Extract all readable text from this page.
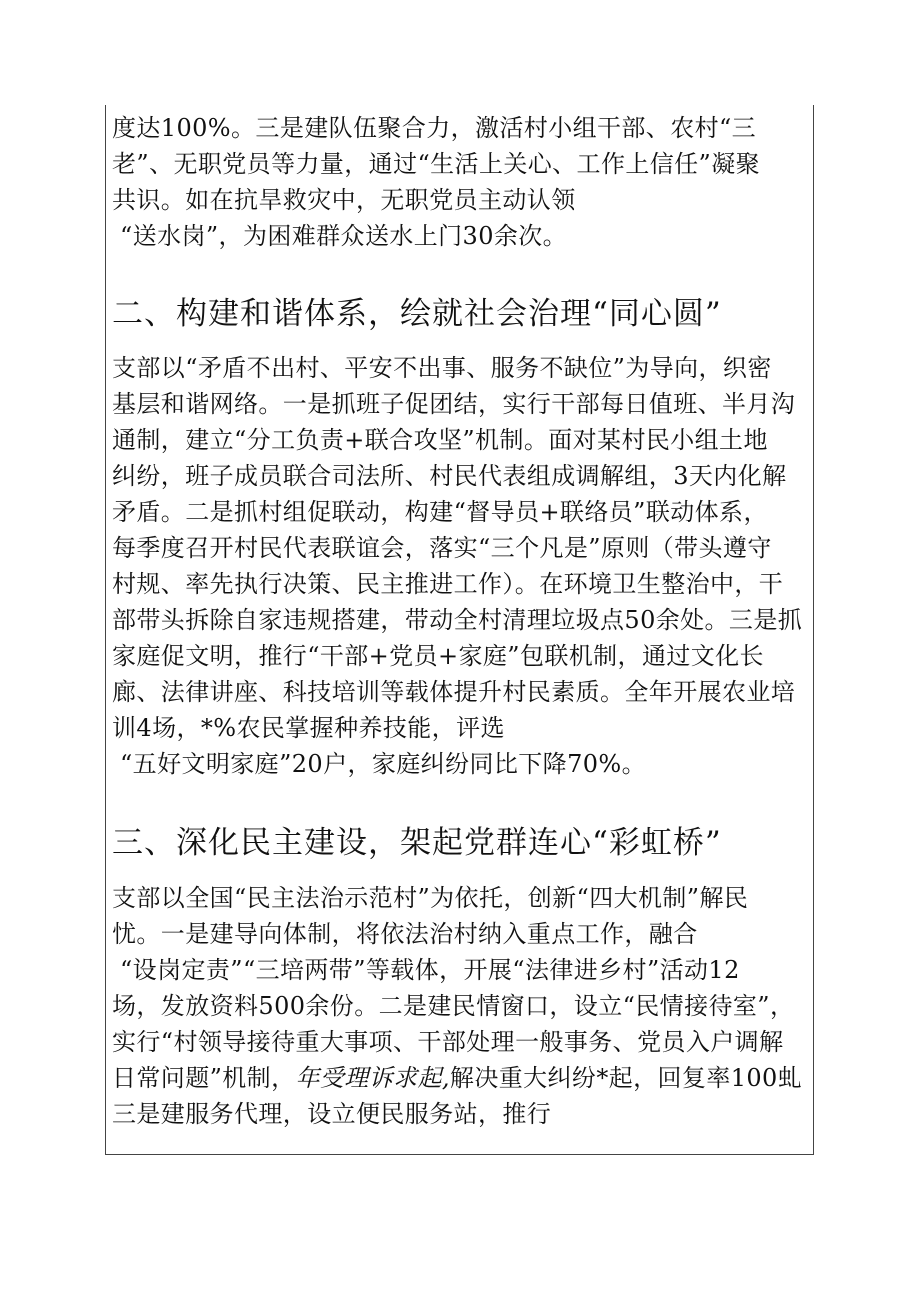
度达100%。三是建队伍聚合力，激活村小组干部、农村“三
老”、无职党员等力量，通过“生活上关心、工作上信任”凝聚
共识。如在抗旱救灾中，无职党员主动认领
“送水岗”，为困难群众送水上门30余次。
二、构建和谐体系，绘就社会治理“同心圆”
支部以“矛盾不出村、平安不出事、服务不缺位”为导向，织密
基层和谐网络。一是抓班子促团结，实行干部每日值班、半月沟
通制，建立“分工负责+联合攻坚”机制。面对某村民小组土地
纠纷，班子成员联合司法所、村民代表组成调解组，3天内化解
矛盾。二是抓村组促联动，构建“督导员+联络员”联动体系，
每季度召开村民代表联谊会，落实“三个凡是”原则（带头遵守
村规、率先执行决策、民主推进工作）。在环境卫生整治中，干
部带头拆除自家违规搭建，带动全村清理垃圾点50余处。三是抓
家庭促文明，推行“干部+党员+家庭”包联机制，通过文化长
廊、法律讲座、科技培训等载体提升村民素质。全年开展农业培
训4场，*%农民掌握种养技能，评选
“五好文明家庭”20户，家庭纠纷同比下降70%。
三、深化民主建设，架起党群连心“彩虹桥”
支部以全国“民主法治示范村”为依托，创新“四大机制”解民
忧。一是建导向体制，将依法治村纳入重点工作，融合
“设岗定责”“三培两带”等载体，开展“法律进乡村”活动12
场，发放资料500余份。二是建民情窗口，设立“民情接待室”，
实行“村领导接待重大事项、干部处理一般事务、党员入户调解
日常问题”机制，年受理诉求起,解决重大纠纷*起，回复率100虬
三是建服务代理，设立便民服务站，推行
